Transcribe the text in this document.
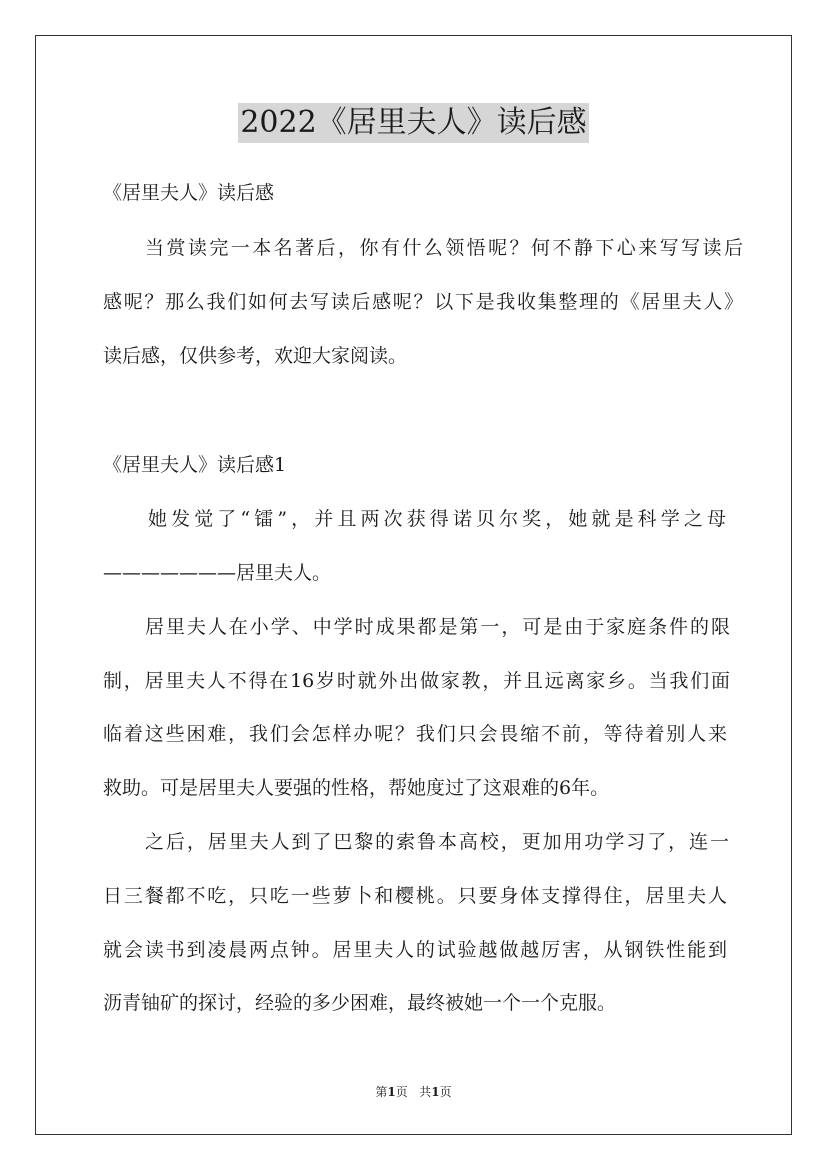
2022《居里夫人》读后感
《居里夫人》读后感
当赏读完一本名著后，你有什么领悟呢？何不静下心来写写读后
感呢？那么我们如何去写读后感呢？以下是我收集整理的《居里夫人》
读后感，仅供参考，欢迎大家阅读。
《居里夫人》读后感1
她发觉了“镭”，并且两次获得诺贝尔奖，她就是科学之母
———————居里夫人。
居里夫人在小学、中学时成果都是第一，可是由于家庭条件的限
制，居里夫人不得在16岁时就外出做家教，并且远离家乡。当我们面
临着这些困难，我们会怎样办呢？我们只会畏缩不前，等待着别人来
救助。可是居里夫人要强的性格，帮她度过了这艰难的6年。
之后，居里夫人到了巴黎的索鲁本高校，更加用功学习了，连一
日三餐都不吃，只吃一些萝卜和樱桃。只要身体支撑得住，居里夫人
就会读书到凌晨两点钟。居里夫人的试验越做越厉害，从钢铁性能到
沥青铀矿的探讨，经验的多少困难，最终被她一个一个克服。
第1页 共1页
